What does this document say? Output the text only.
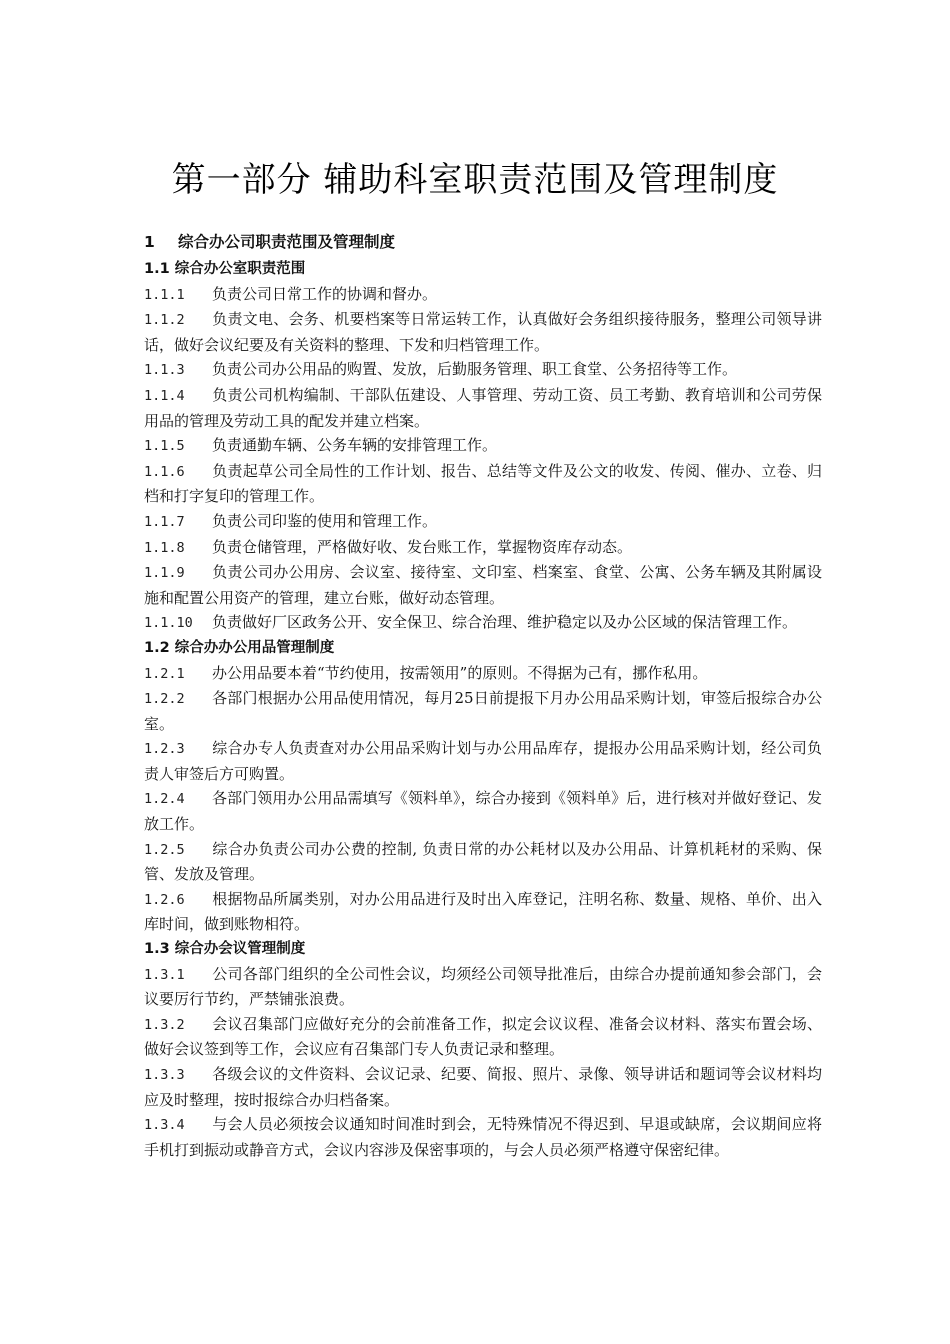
第一部分 辅助科室职责范围及管理制度
1 综合办公司职责范围及管理制度
1.1 综合办公室职责范围
1.1.1 负责公司日常工作的协调和督办。
1.1.2 负责文电、会务、机要档案等日常运转工作，认真做好会务组织接待服务，整理公司领导讲话，做好会议纪要及有关资料的整理、下发和归档管理工作。
1.1.3 负责公司办公用品的购置、发放，后勤服务管理、职工食堂、公务招待等工作。
1.1.4 负责公司机构编制、干部队伍建设、人事管理、劳动工资、员工考勤、教育培训和公司劳保用品的管理及劳动工具的配发并建立档案。
1.1.5 负责通勤车辆、公务车辆的安排管理工作。
1.1.6 负责起草公司全局性的工作计划、报告、总结等文件及公文的收发、传阅、催办、立卷、归档和打字复印的管理工作。
1.1.7 负责公司印鉴的使用和管理工作。
1.1.8 负责仓储管理，严格做好收、发台账工作，掌握物资库存动态。
1.1.9 负责公司办公用房、会议室、接待室、文印室、档案室、食堂、公寓、公务车辆及其附属设施和配置公用资产的管理，建立台账，做好动态管理。
1.1.10 负责做好厂区政务公开、安全保卫、综合治理、维护稳定以及办公区域的保洁管理工作。
1.2 综合办办公用品管理制度
1.2.1 办公用品要本着“节约使用，按需领用”的原则。不得据为己有，挪作私用。
1.2.2 各部门根据办公用品使用情况，每月25日前提报下月办公用品采购计划，审签后报综合办公室。
1.2.3 综合办专人负责查对办公用品采购计划与办公用品库存，提报办公用品采购计划，经公司负责人审签后方可购置。
1.2.4 各部门领用办公用品需填写《领料单》，综合办接到《领料单》后，进行核对并做好登记、发放工作。
1.2.5 综合办负责公司办公费的控制, 负责日常的办公耗材以及办公用品、计算机耗材的采购、保管、发放及管理。
1.2.6 根据物品所属类别，对办公用品进行及时出入库登记，注明名称、数量、规格、单价、出入库时间，做到账物相符。
1.3 综合办会议管理制度
1.3.1 公司各部门组织的全公司性会议，均须经公司领导批准后，由综合办提前通知参会部门，会议要厉行节约，严禁铺张浪费。
1.3.2 会议召集部门应做好充分的会前准备工作，拟定会议议程、准备会议材料、落实布置会场、做好会议签到等工作，会议应有召集部门专人负责记录和整理。
1.3.3 各级会议的文件资料、会议记录、纪要、简报、照片、录像、领导讲话和题词等会议材料均应及时整理，按时报综合办归档备案。
1.3.4 与会人员必须按会议通知时间准时到会，无特殊情况不得迟到、早退或缺席，会议期间应将手机打到振动或静音方式，会议内容涉及保密事项的，与会人员必须严格遵守保密纪律。
